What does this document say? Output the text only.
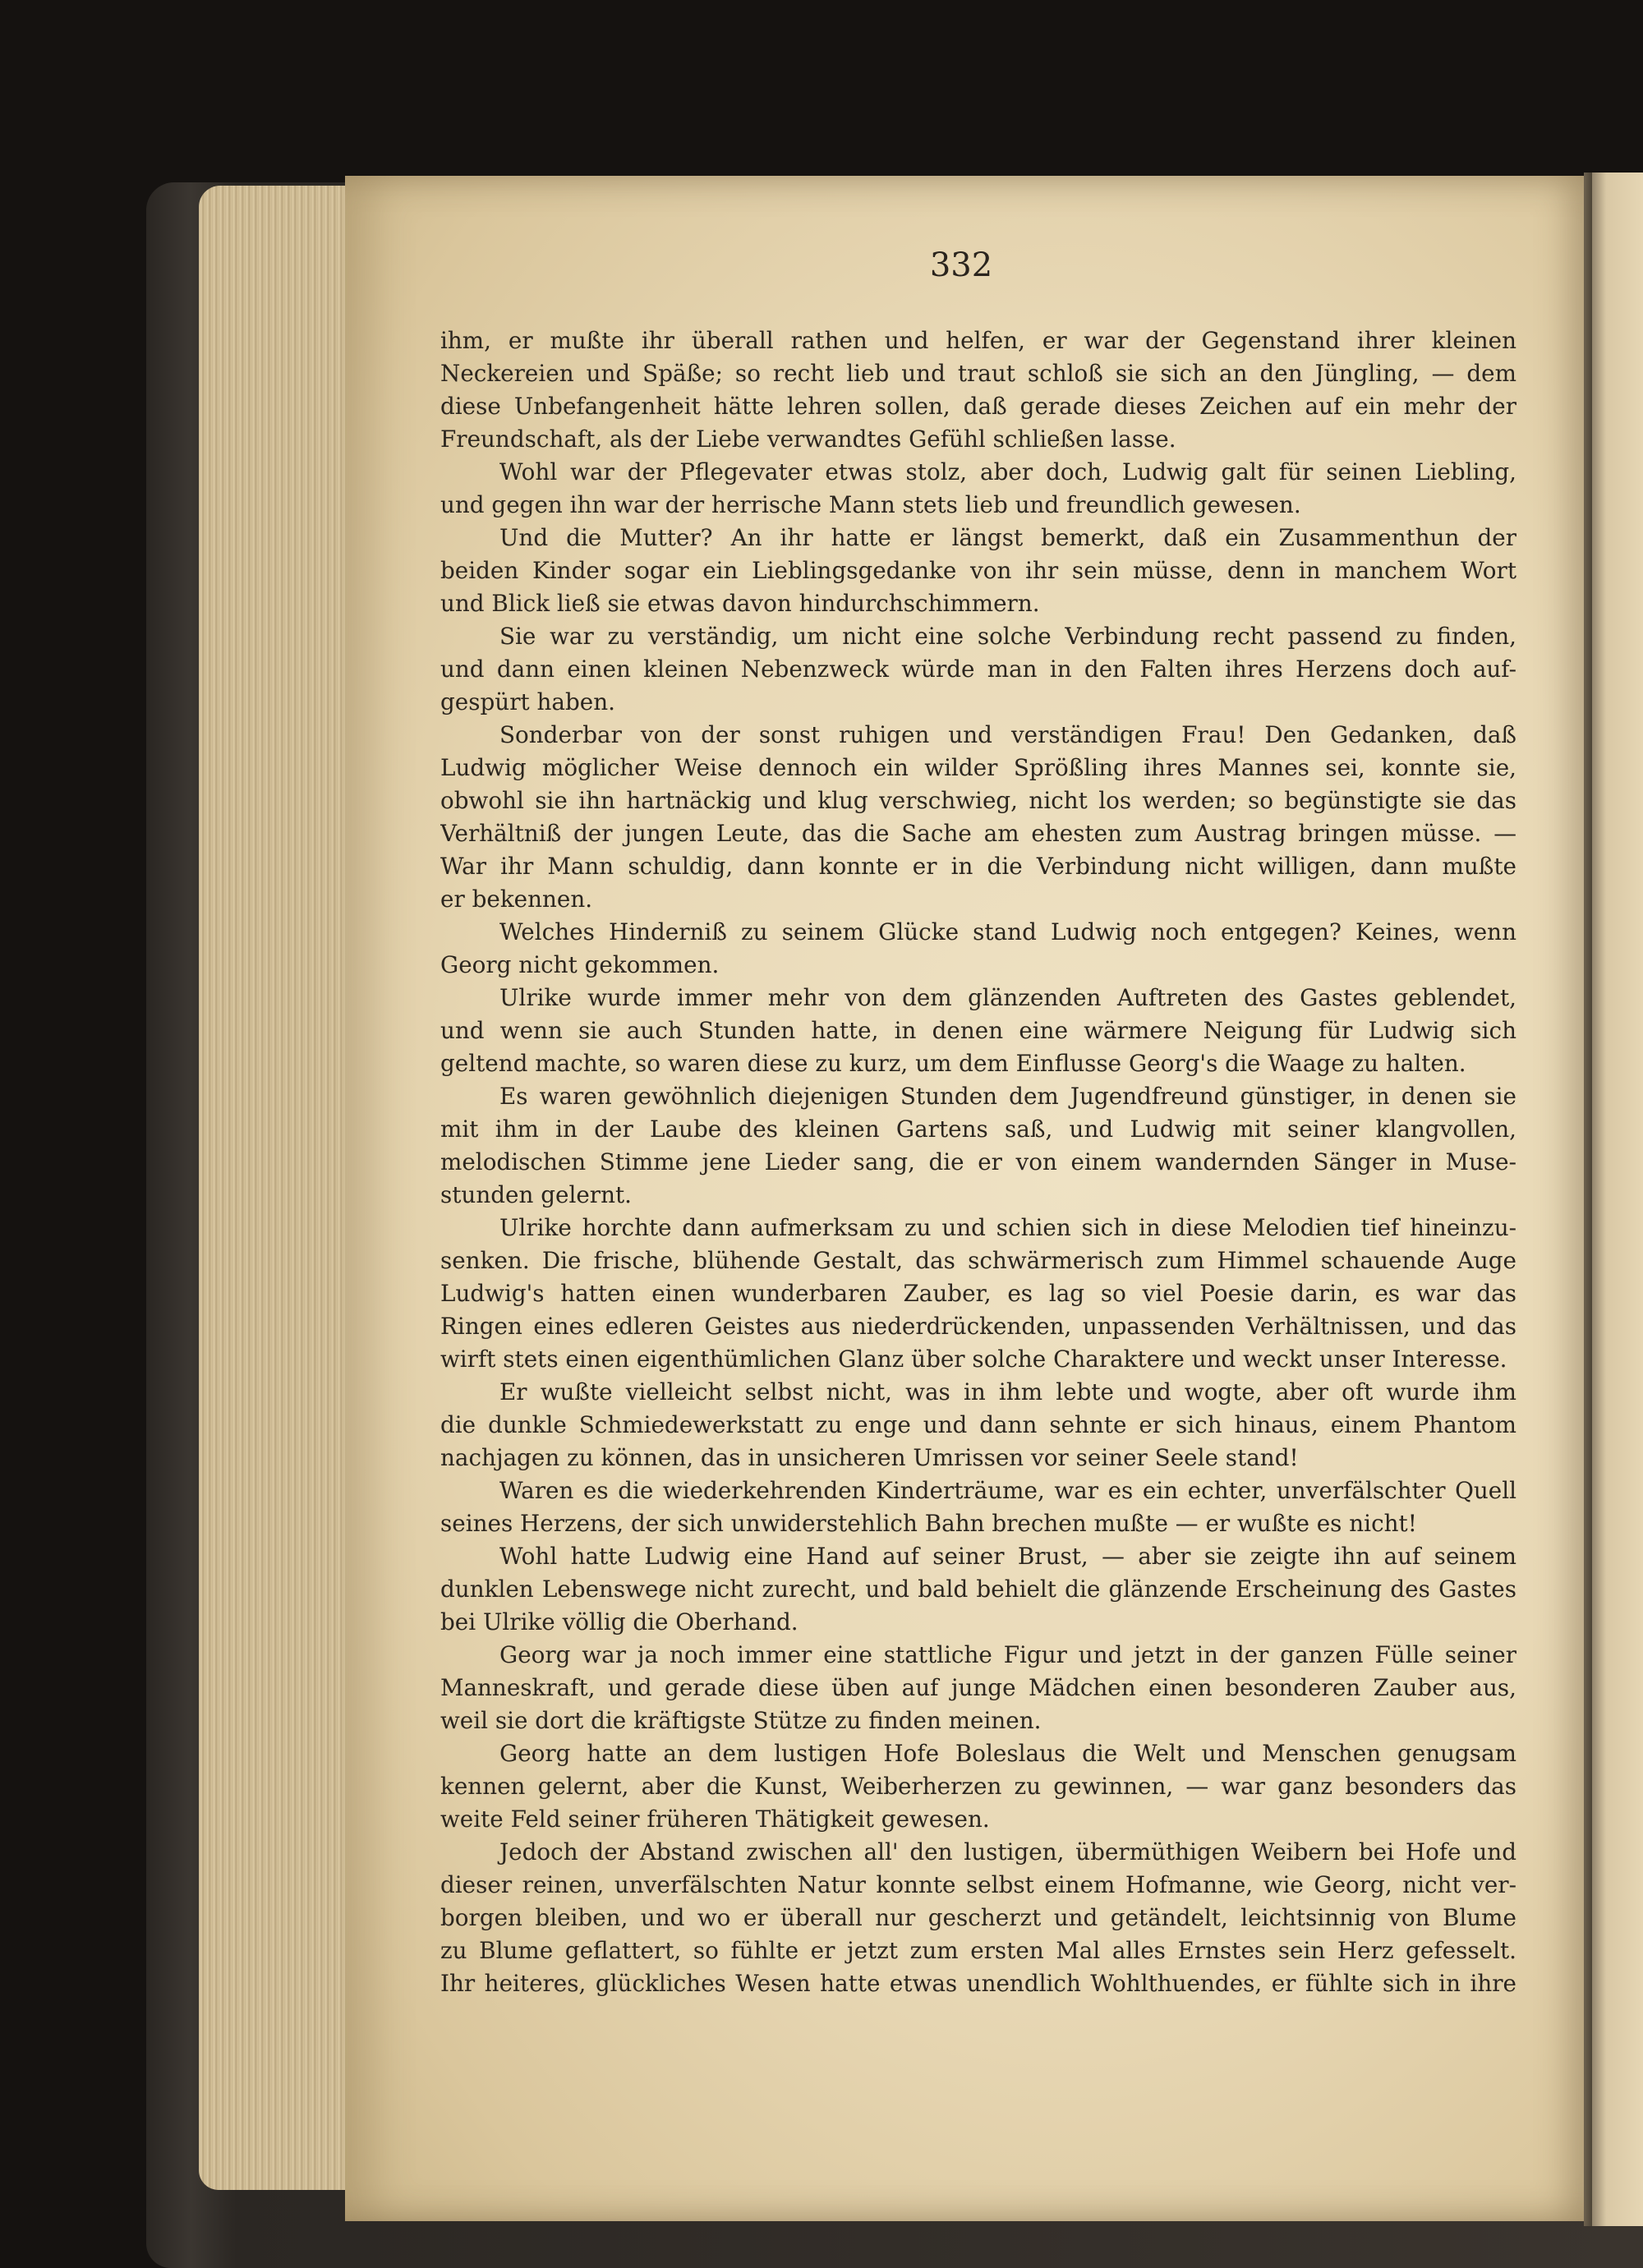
332
ihm, er mußte ihr überall rathen und helfen, er war der Gegenstand ihrer kleinen
Neckereien und Späße; so recht lieb und traut schloß sie sich an den Jüngling, — dem
diese Unbefangenheit hätte lehren sollen, daß gerade dieses Zeichen auf ein mehr der
Freundschaft, als der Liebe verwandtes Gefühl schließen lasse.
Wohl war der Pflegevater etwas stolz, aber doch, Ludwig galt für seinen Liebling,
und gegen ihn war der herrische Mann stets lieb und freundlich gewesen.
Und die Mutter? An ihr hatte er längst bemerkt, daß ein Zusammenthun der
beiden Kinder sogar ein Lieblingsgedanke von ihr sein müsse, denn in manchem Wort
und Blick ließ sie etwas davon hindurchschimmern.
Sie war zu verständig, um nicht eine solche Verbindung recht passend zu finden,
und dann einen kleinen Nebenzweck würde man in den Falten ihres Herzens doch auf-
gespürt haben.
Sonderbar von der sonst ruhigen und verständigen Frau! Den Gedanken, daß
Ludwig möglicher Weise dennoch ein wilder Sprößling ihres Mannes sei, konnte sie,
obwohl sie ihn hartnäckig und klug verschwieg, nicht los werden; so begünstigte sie das
Verhältniß der jungen Leute, das die Sache am ehesten zum Austrag bringen müsse. —
War ihr Mann schuldig, dann konnte er in die Verbindung nicht willigen, dann mußte
er bekennen.
Welches Hinderniß zu seinem Glücke stand Ludwig noch entgegen? Keines, wenn
Georg nicht gekommen.
Ulrike wurde immer mehr von dem glänzenden Auftreten des Gastes geblendet,
und wenn sie auch Stunden hatte, in denen eine wärmere Neigung für Ludwig sich
geltend machte, so waren diese zu kurz, um dem Einflusse Georg's die Waage zu halten.
Es waren gewöhnlich diejenigen Stunden dem Jugendfreund günstiger, in denen sie
mit ihm in der Laube des kleinen Gartens saß, und Ludwig mit seiner klangvollen,
melodischen Stimme jene Lieder sang, die er von einem wandernden Sänger in Muse-
stunden gelernt.
Ulrike horchte dann aufmerksam zu und schien sich in diese Melodien tief hineinzu-
senken. Die frische, blühende Gestalt, das schwärmerisch zum Himmel schauende Auge
Ludwig's hatten einen wunderbaren Zauber, es lag so viel Poesie darin, es war das
Ringen eines edleren Geistes aus niederdrückenden, unpassenden Verhältnissen, und das
wirft stets einen eigenthümlichen Glanz über solche Charaktere und weckt unser Interesse.
Er wußte vielleicht selbst nicht, was in ihm lebte und wogte, aber oft wurde ihm
die dunkle Schmiedewerkstatt zu enge und dann sehnte er sich hinaus, einem Phantom
nachjagen zu können, das in unsicheren Umrissen vor seiner Seele stand!
Waren es die wiederkehrenden Kinderträume, war es ein echter, unverfälschter Quell
seines Herzens, der sich unwiderstehlich Bahn brechen mußte — er wußte es nicht!
Wohl hatte Ludwig eine Hand auf seiner Brust, — aber sie zeigte ihn auf seinem
dunklen Lebenswege nicht zurecht, und bald behielt die glänzende Erscheinung des Gastes
bei Ulrike völlig die Oberhand.
Georg war ja noch immer eine stattliche Figur und jetzt in der ganzen Fülle seiner
Manneskraft, und gerade diese üben auf junge Mädchen einen besonderen Zauber aus,
weil sie dort die kräftigste Stütze zu finden meinen.
Georg hatte an dem lustigen Hofe Boleslaus die Welt und Menschen genugsam
kennen gelernt, aber die Kunst, Weiberherzen zu gewinnen, — war ganz besonders das
weite Feld seiner früheren Thätigkeit gewesen.
Jedoch der Abstand zwischen all' den lustigen, übermüthigen Weibern bei Hofe und
dieser reinen, unverfälschten Natur konnte selbst einem Hofmanne, wie Georg, nicht ver-
borgen bleiben, und wo er überall nur gescherzt und getändelt, leichtsinnig von Blume
zu Blume geflattert, so fühlte er jetzt zum ersten Mal alles Ernstes sein Herz gefesselt.
Ihr heiteres, glückliches Wesen hatte etwas unendlich Wohlthuendes, er fühlte sich in ihre
